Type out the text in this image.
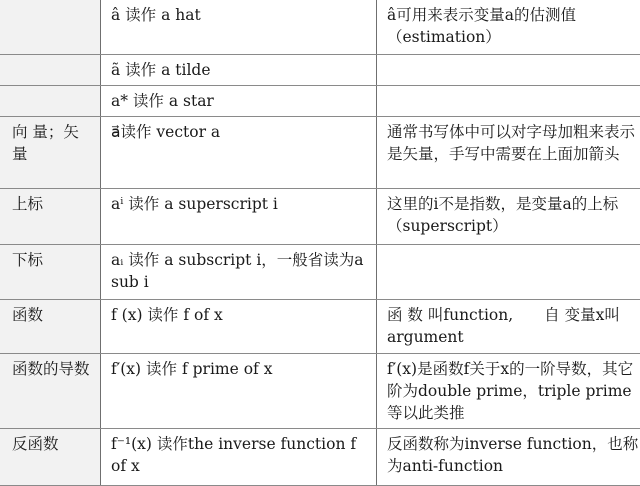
	â 读作 a hat	â可用来表示变量a的估测值（estimation）
	ã 读作 a tilde	
	a* 读作 a star	
向 量；矢量	a⃗读作 vector a	通常书写体中可以对字母加粗来表示是矢量，手写中需要在上面加箭头
上标	aⁱ 读作 a superscript i	这里的i不是指数，是变量a的上标（superscript）
下标	aᵢ 读作 a subscript i，一般省读为a sub i	
函数	f (x) 读作 f of x	函 数 叫function,　　自 变量x叫argument
函数的导数	f′(x) 读作 f prime of x	f′(x)是函数f关于x的一阶导数，其它阶为double prime，triple prime等以此类推
反函数	f⁻¹(x) 读作the inverse function f of x	反函数称为inverse function，也称为anti-function
